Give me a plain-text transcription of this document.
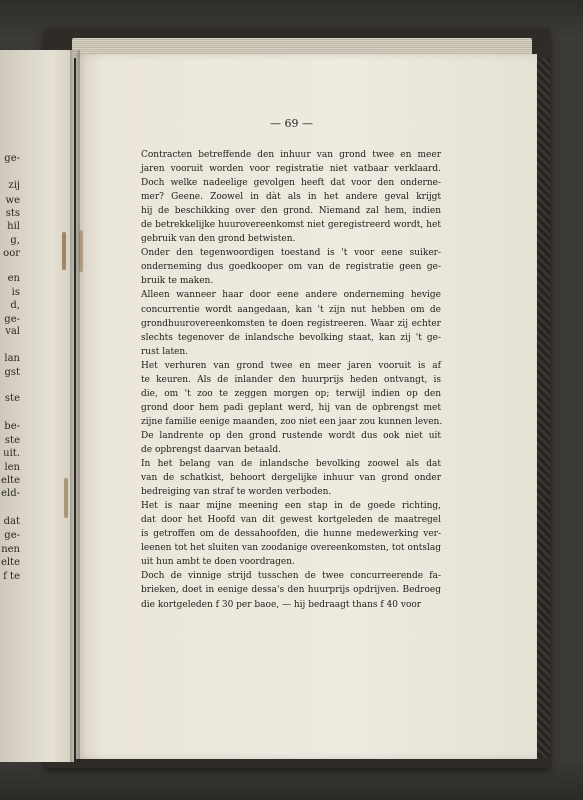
ge-
zij
we
sts
hil
g,
oor
en
is
d,
ge-
val
lan
gst
ste
be-
ste
uit.
len
elte
eld-
dat
ge-
nen
elte
f te
— 69 —
Contracten betreffende den inhuur van grond twee en meer
jaren vooruit worden voor registratie niet vatbaar verklaard.
Doch welke nadeelige gevolgen heeft dat voor den onderne-
mer? Geene. Zoowel in dàt als in het andere geval krijgt
hij de beschikking over den grond. Niemand zal hem, indien
de betrekkelijke huurovereenkomst niet geregistreerd wordt, het
gebruik van den grond betwisten.
Onder den tegenwoordigen toestand is 't voor eene suiker-
onderneming dus goedkooper om van de registratie geen ge-
bruik te maken.
Alleen wanneer haar door eene andere onderneming hevige
concurrentie wordt aangedaan, kan 't zijn nut hebben om de
grondhuurovereenkomsten te doen registreeren. Waar zij echter
slechts tegenover de inlandsche bevolking staat, kan zij 't ge-
rust laten.
Het verhuren van grond twee en meer jaren vooruit is af
te keuren. Als de inlander den huurprijs heden ontvangt, is
die, om 't zoo te zeggen morgen op; terwijl indien op den
grond door hem padi geplant werd, hij van de opbrengst met
zijne familie eenige maanden, zoo niet een jaar zou kunnen leven.
De landrente op den grond rustende wordt dus ook niet uit
de opbrengst daarvan betaald.
In het belang van de inlandsche bevolking zoowel als dat
van de schatkist, behoort dergelijke inhuur van grond onder
bedreiging van straf te worden verboden.
Het is naar mijne meening een stap in de goede richting,
dat door het Hoofd van dit gewest kortgeleden de maatregel
is getroffen om de dessahoofden, die hunne medewerking ver-
leenen tot het sluiten van zoodanige overeenkomsten, tot ontslag
uit hun ambt te doen voordragen.
Doch de vinnige strijd tusschen de twee concurreerende fa-
brieken, doet in eenige dessa's den huurprijs opdrijven. Bedroeg
die kortgeleden f 30 per baoe, — hij bedraagt thans f 40 voor
